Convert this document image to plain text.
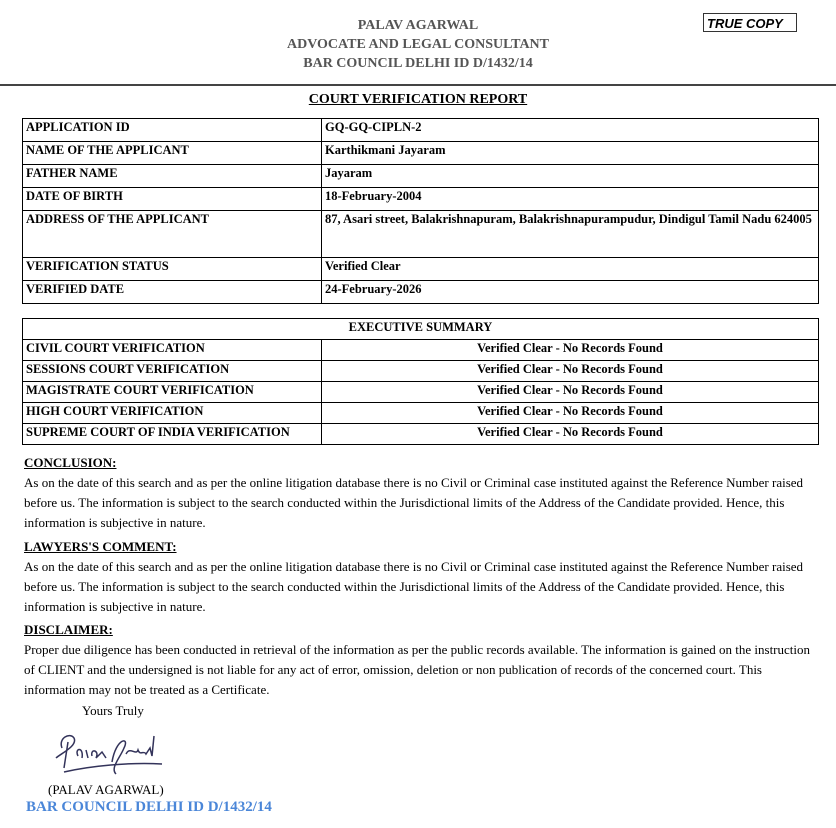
PALAV AGARWAL
ADVOCATE AND LEGAL CONSULTANT
BAR COUNCIL DELHI ID D/1432/14
TRUE COPY
COURT VERIFICATION REPORT
APPLICATION ID	GQ-GQ-CIPLN-2
NAME OF THE APPLICANT	Karthikmani Jayaram
FATHER NAME	Jayaram
DATE OF BIRTH	18-February-2004
ADDRESS OF THE APPLICANT	87, Asari street, Balakrishnapuram, Balakrishnapurampudur, Dindigul Tamil Nadu 624005
VERIFICATION STATUS	Verified Clear
VERIFIED DATE	24-February-2026
EXECUTIVE SUMMARY	
CIVIL COURT VERIFICATION	Verified Clear - No Records Found
SESSIONS COURT VERIFICATION	Verified Clear - No Records Found
MAGISTRATE COURT VERIFICATION	Verified Clear - No Records Found
HIGH COURT VERIFICATION	Verified Clear - No Records Found
SUPREME COURT OF INDIA VERIFICATION	Verified Clear - No Records Found
CONCLUSION:

As on the date of this search and as per the online litigation database there is no Civil or Criminal case instituted against the Reference Number raised before us. The information is subject to the search conducted within the Jurisdictional limits of the Address of the Candidate provided. Hence, this information is subjective in nature.

LAWYERS'S COMMENT:

As on the date of this search and as per the online litigation database there is no Civil or Criminal case instituted against the Reference Number raised before us. The information is subject to the search conducted within the Jurisdictional limits of the Address of the Candidate provided. Hence, this information is subjective in nature.

DISCLAIMER:

Proper due diligence has been conducted in retrieval of the information as per the public records available. The information is gained on the instruction of CLIENT and the undersigned is not liable for any act of error, omission, deletion or non publication of records of the concerned court. This information may not be treated as a Certificate.

Yours Truly
(PALAV AGARWAL)
BAR COUNCIL DELHI ID D/1432/14
